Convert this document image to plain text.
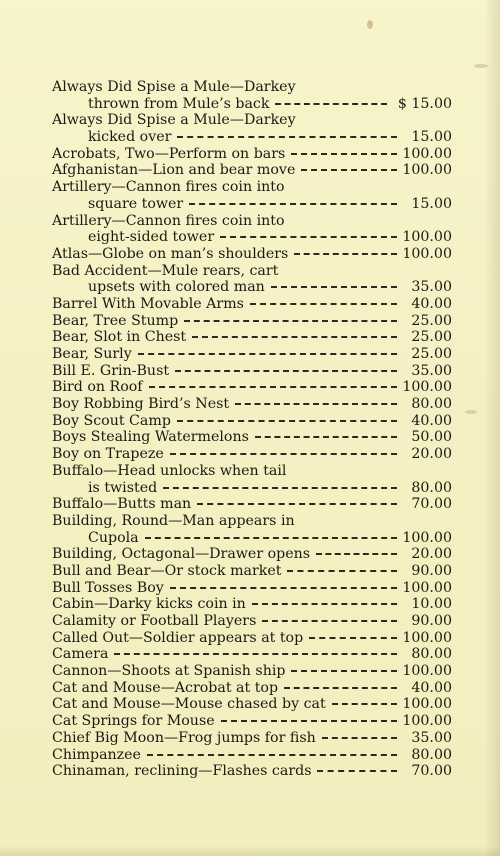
Always Did Spise a Mule—Darkey
thrown from Mule’s back	$ 15.00
Always Did Spise a Mule—Darkey
kicked over	15.00
Acrobats, Two—Perform on bars	100.00
Afghanistan—Lion and bear move	100.00
Artillery—Cannon fires coin into
square tower	15.00
Artillery—Cannon fires coin into
eight-sided tower	100.00
Atlas—Globe on man’s shoulders	100.00
Bad Accident—Mule rears, cart
upsets with colored man	35.00
Barrel With Movable Arms	40.00
Bear, Tree Stump	25.00
Bear, Slot in Chest	25.00
Bear, Surly	25.00
Bill E. Grin-Bust	35.00
Bird on Roof	100.00
Boy Robbing Bird’s Nest	80.00
Boy Scout Camp	40.00
Boys Stealing Watermelons	50.00
Boy on Trapeze	20.00
Buffalo—Head unlocks when tail
is twisted	80.00
Buffalo—Butts man	70.00
Building, Round—Man appears in
Cupola	100.00
Building, Octagonal—Drawer opens	20.00
Bull and Bear—Or stock market	90.00
Bull Tosses Boy	100.00
Cabin—Darky kicks coin in	10.00
Calamity or Football Players	90.00
Called Out—Soldier appears at top	100.00
Camera	80.00
Cannon—Shoots at Spanish ship	100.00
Cat and Mouse—Acrobat at top	40.00
Cat and Mouse—Mouse chased by cat	100.00
Cat Springs for Mouse	100.00
Chief Big Moon—Frog jumps for fish	35.00
Chimpanzee	80.00
Chinaman, reclining—Flashes cards	70.00
